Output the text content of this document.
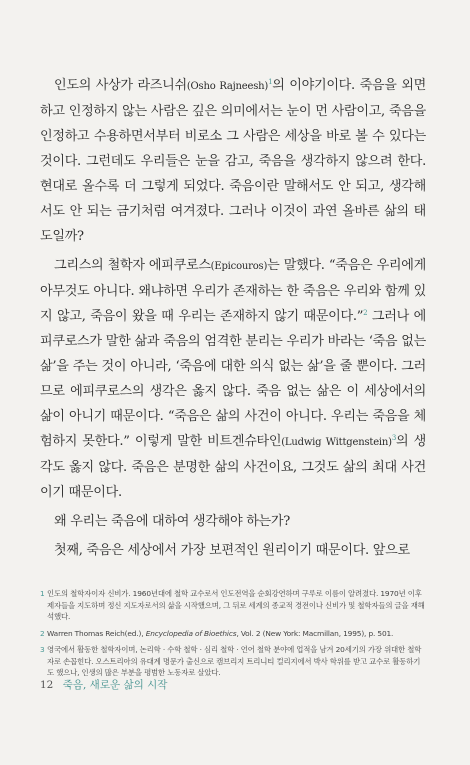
인도의 사상가 라즈니쉬(Osho Rajneesh)$^1$의 이야기이다. 죽음을 외면하고 인정하지 않는 사람은 깊은 의미에서는 눈이 먼 사람이고, 죽음을 인정하고 수용하면서부터 비로소 그 사람은 세상을 바로 볼 수 있다는 것이다. 그런데도 우리들은 눈을 감고, 죽음을 생각하지 않으려 한다. 현대로 올수록 더 그렇게 되었다. 죽음이란 말해서도 안 되고, 생각해서도 안 되는 금기처럼 여겨졌다. 그러나 이것이 과연 올바른 삶의 태도일까?

그리스의 철학자 에피쿠로스(Epicouros)는 말했다. “죽음은 우리에게 아무것도 아니다. 왜냐하면 우리가 존재하는 한 죽음은 우리와 함께 있지 않고, 죽음이 왔을 때 우리는 존재하지 않기 때문이다.”$^2$ 그러나 에피쿠로스가 말한 삶과 죽음의 엄격한 분리는 우리가 바라는 ‘죽음 없는 삶’을 주는 것이 아니라, ‘죽음에 대한 의식 없는 삶’을 줄 뿐이다. 그러므로 에피쿠로스의 생각은 옳지 않다. 죽음 없는 삶은 이 세상에서의 삶이 아니기 때문이다. “죽음은 삶의 사건이 아니다. 우리는 죽음을 체험하지 못한다.” 이렇게 말한 비트겐슈타인(Ludwig Wittgenstein)$^3$의 생각도 옳지 않다. 죽음은 분명한 삶의 사건이요, 그것도 삶의 최대 사건이기 때문이다.

왜 우리는 죽음에 대하여 생각해야 하는가?

첫째, 죽음은 세상에서 가장 보편적인 원리이기 때문이다. 앞으로

1 인도의 철학자이자 신비가. 1960년대에 철학 교수로서 인도전역을 순회강연하며 구루로 이름이 알려졌다. 1970년 이후 제자들을 지도하며 정신 지도자로서의 삶을 시작했으며, 그 뒤로 세계의 종교적 경전이나 신비가 및 철학자들의 글을 재해석했다.
2 Warren Thomas Reich(ed.), Encyclopedia of Bioethics, Vol. 2 (New York: Macmillan, 1995), p. 501.
3 영국에서 활동한 철학자이며, 논리학 · 수학 철학 · 심리 철학 · 언어 철학 분야에 업적을 남겨 20세기의 가장 위대한 철학자로 손꼽힌다. 오스트리아의 유대계 명문가 출신으로 캠브리지 트리니티 컬리지에서 박사 학위를 받고 교수로 활동하기도 했으나, 인생의 많은 부분을 평범한 노동자로 살았다.
12 죽음, 새로운 삶의 시작
